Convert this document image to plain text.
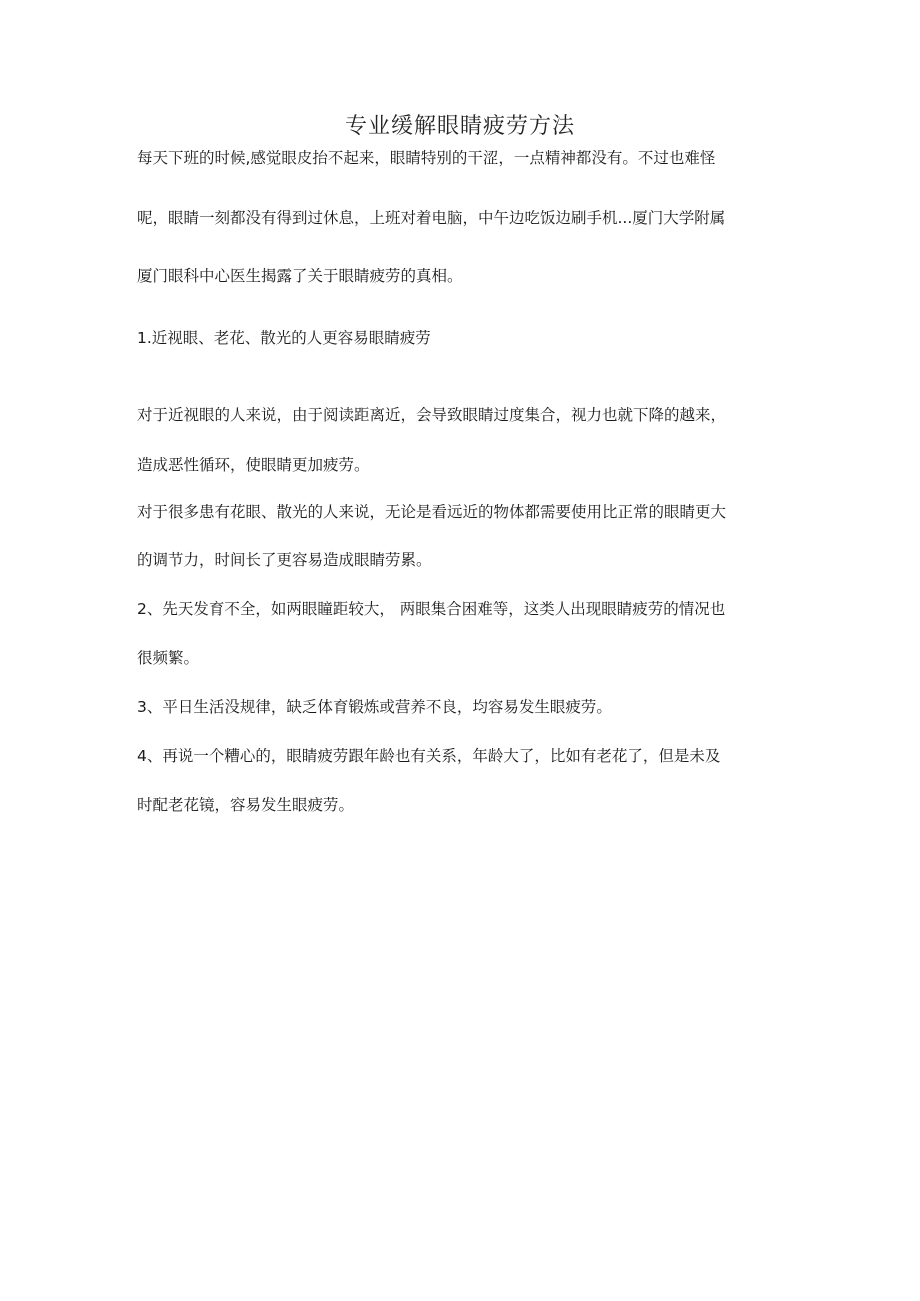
专业缓解眼睛疲劳方法

每天下班的时候,感觉眼皮抬不起来，眼睛特别的干涩，一点精神都没有。不过也难怪

呢，眼睛一刻都没有得到过休息，上班对着电脑，中午边吃饭边刷手机...厦门大学附属

厦门眼科中心医生揭露了关于眼睛疲劳的真相。

1.近视眼、老花、散光的人更容易眼睛疲劳

对于近视眼的人来说，由于阅读距离近，会导致眼睛过度集合，视力也就下降的越来，

造成恶性循环，使眼睛更加疲劳。

对于很多患有花眼、散光的人来说，无论是看远近的物体都需要使用比正常的眼睛更大

的调节力，时间长了更容易造成眼睛劳累。

2、先天发育不全，如两眼瞳距较大， 两眼集合困难等，这类人出现眼睛疲劳的情况也

很频繁。

3、平日生活没规律，缺乏体育锻炼或营养不良，均容易发生眼疲劳。

4、再说一个糟心的，眼睛疲劳跟年龄也有关系，年龄大了，比如有老花了，但是未及

时配老花镜，容易发生眼疲劳。
